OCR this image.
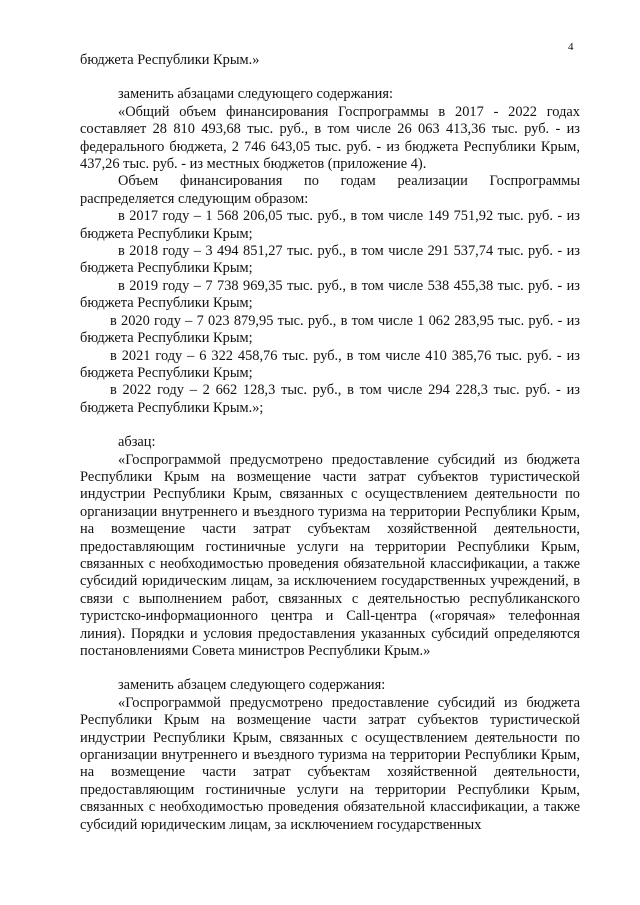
4

бюджета Республики Крым.»

заменить абзацами следующего содержания:

«Общий объем финансирования Госпрограммы в 2017 - 2022 годах составляет 28 810 493,68 тыс. руб., в том числе 26 063 413,36 тыс. руб. - из федерального бюджета, 2 746 643,05 тыс. руб. - из бюджета Республики Крым, 437,26 тыс. руб. - из местных бюджетов (приложение 4).

Объем финансирования по годам реализации Госпрограммы распределяется следующим образом:

в 2017 году – 1 568 206,05 тыс. руб., в том числе 149 751,92 тыс. руб. - из бюджета Республики Крым;

в 2018 году – 3 494 851,27 тыс. руб., в том числе 291 537,74 тыс. руб. - из бюджета Республики Крым;

в 2019 году – 7 738 969,35 тыс. руб., в том числе 538 455,38 тыс. руб. - из бюджета Республики Крым;

в 2020 году – 7 023 879,95 тыс. руб., в том числе 1 062 283,95 тыс. руб. - из бюджета Республики Крым;

в 2021 году – 6 322 458,76 тыс. руб., в том числе 410 385,76 тыс. руб. - из бюджета Республики Крым;

в 2022 году – 2 662 128,3 тыс. руб., в том числе 294 228,3 тыс. руб. - из бюджета Республики Крым.»;

абзац:

«Госпрограммой предусмотрено предоставление субсидий из бюджета Республики Крым на возмещение части затрат субъектов туристической индустрии Республики Крым, связанных с осуществлением деятельности по организации внутреннего и въездного туризма на территории Республики Крым, на возмещение части затрат субъектам хозяйственной деятельности, предоставляющим гостиничные услуги на территории Республики Крым, связанных с необходимостью проведения обязательной классификации, а также субсидий юридическим лицам, за исключением государственных учреждений, в связи с выполнением работ, связанных с деятельностью республиканского туристско-информационного центра и Call-центра («горячая» телефонная линия). Порядки и условия предоставления указанных субсидий определяются постановлениями Совета министров Республики Крым.»

заменить абзацем следующего содержания:

«Госпрограммой предусмотрено предоставление субсидий из бюджета Республики Крым на возмещение части затрат субъектов туристической индустрии Республики Крым, связанных с осуществлением деятельности по организации внутреннего и въездного туризма на территории Республики Крым, на возмещение части затрат субъектам хозяйственной деятельности, предоставляющим гостиничные услуги на территории Республики Крым, связанных с необходимостью проведения обязательной классификации, а также субсидий юридическим лицам, за исключением государственных
